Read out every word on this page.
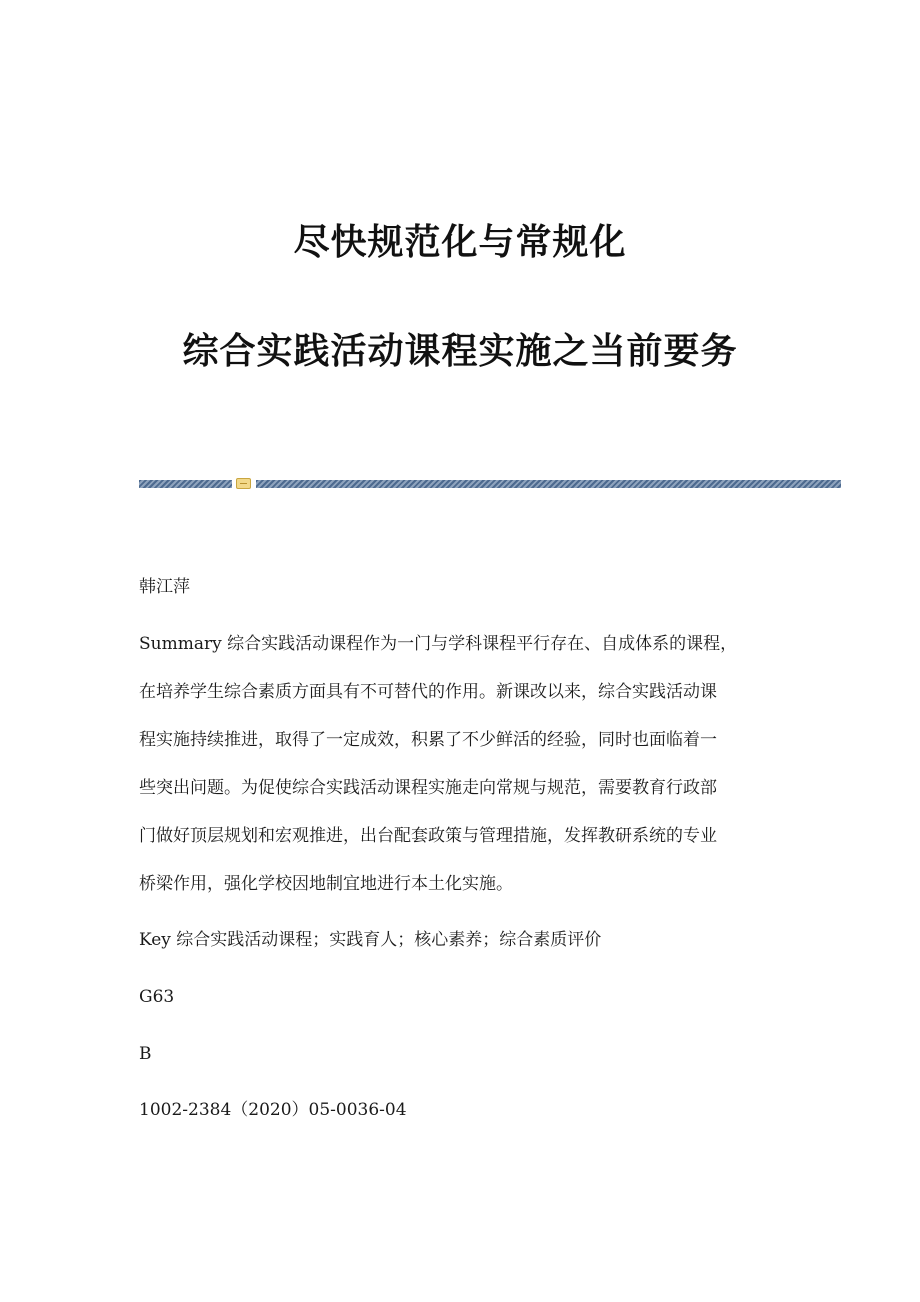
尽快规范化与常规化
综合实践活动课程实施之当前要务
韩江萍
Summary 综合实践活动课程作为一门与学科课程平行存在、自成体系的课程，
在培养学生综合素质方面具有不可替代的作用。新课改以来，综合实践活动课
程实施持续推进，取得了一定成效，积累了不少鲜活的经验，同时也面临着一
些突出问题。为促使综合实践活动课程实施走向常规与规范，需要教育行政部
门做好顶层规划和宏观推进，出台配套政策与管理措施，发挥教研系统的专业
桥梁作用，强化学校因地制宜地进行本土化实施。
Key 综合实践活动课程；实践育人；核心素养；综合素质评价
G63
B
1002-2384（2020）05-0036-04
